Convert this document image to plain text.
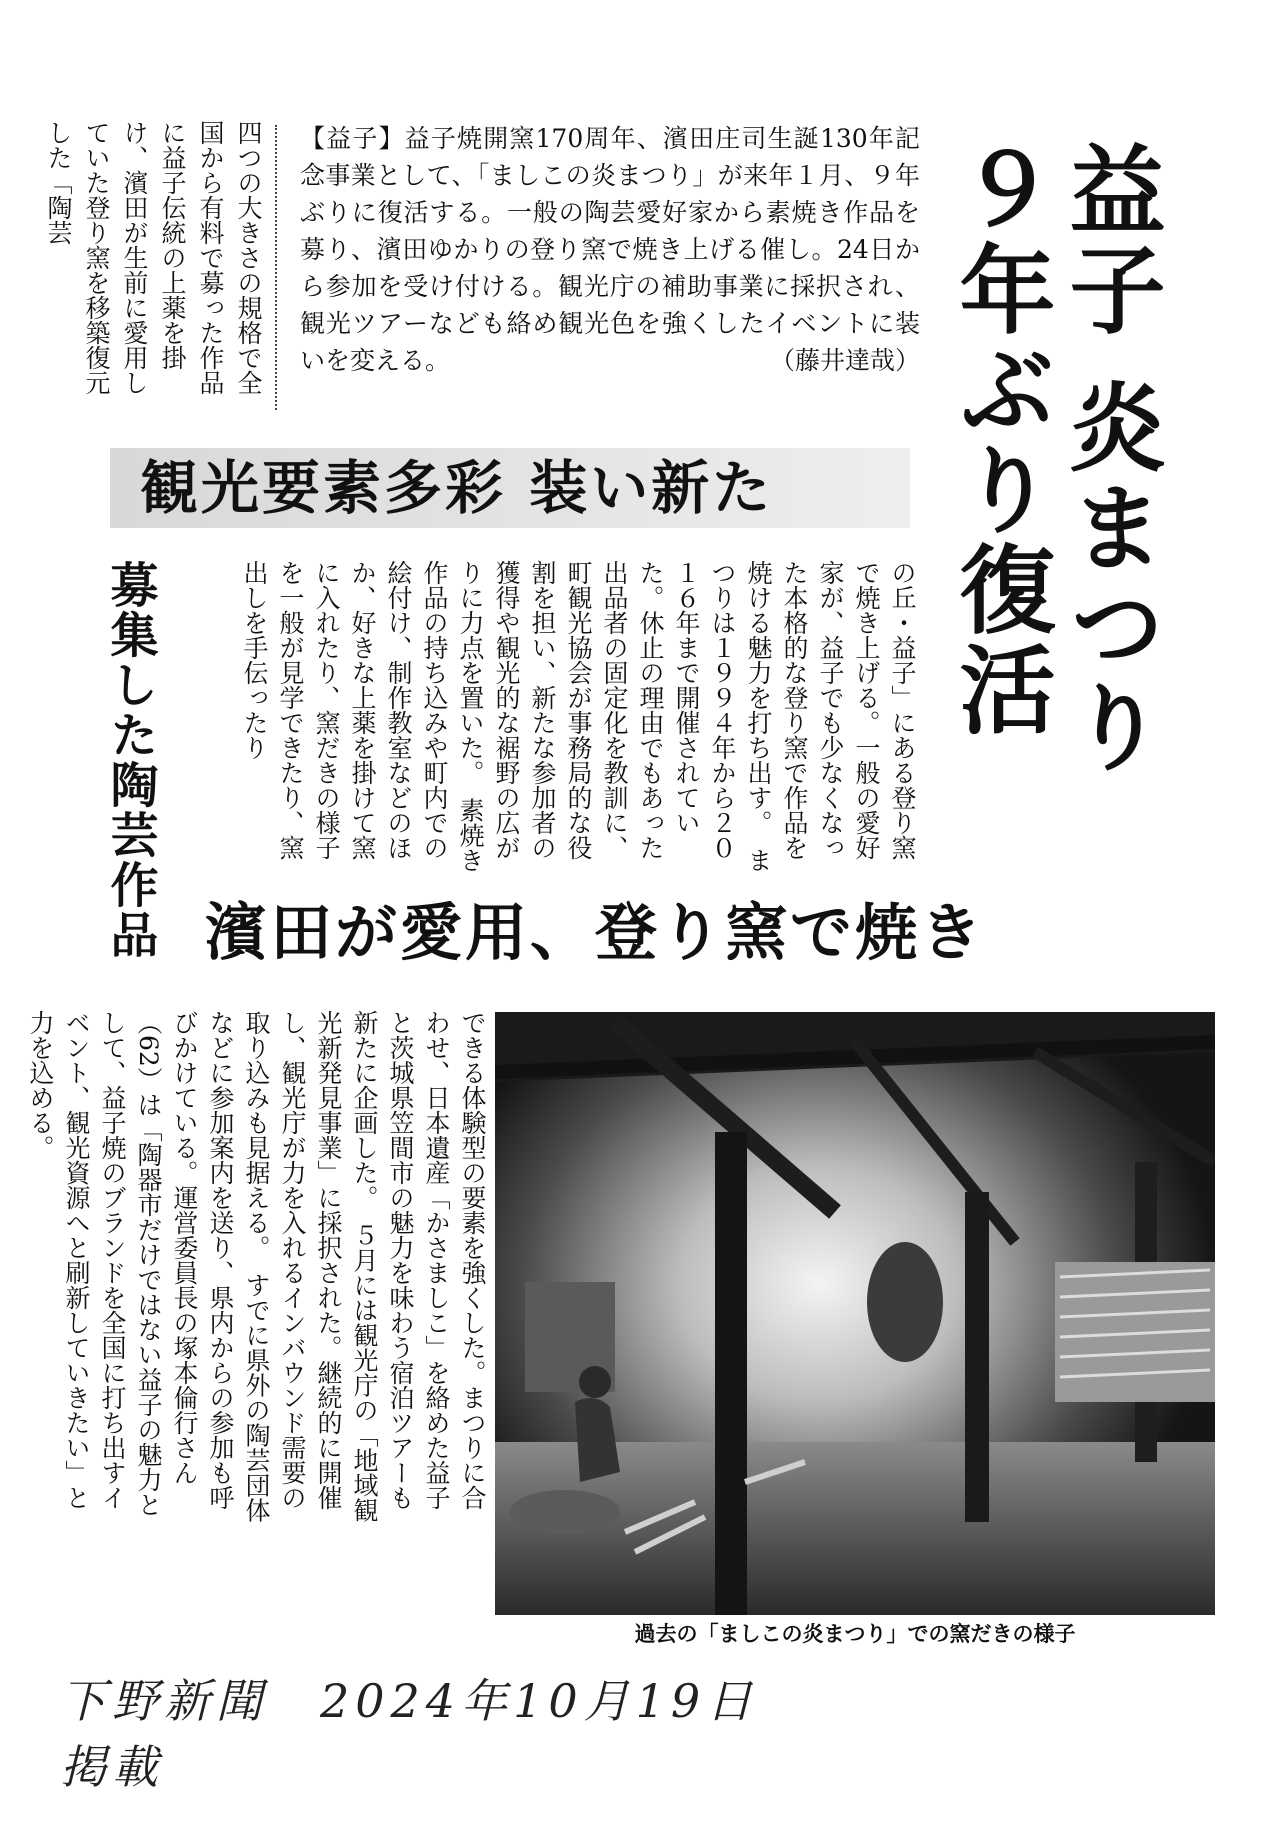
益子 炎まつり
９年ぶり復活
【益子】益子焼開窯170周年、濱田庄司生誕130年記念事業として、「ましこの炎まつり」が来年１月、９年ぶりに復活する。一般の陶芸愛好家から素焼き作品を募り、濱田ゆかりの登り窯で焼き上げる催し。24日から参加を受け付ける。観光庁の補助事業に採択され、観光ツアーなども絡め観光色を強くしたイベントに装いを変える。	（藤井達哉）
四つの大きさの規格で全国から有料で募った作品に益子伝統の上薬を掛け、濱田が生前に愛用していた登り窯を移築復元した「陶芸
観光要素多彩 装い新た
募集した陶芸作品	の丘・益子」にある登り窯で焼き上げる。一般の愛好家が、益子でも少なくなった本格的な登り窯で作品を焼ける魅力を打ち出す。　まつりは１９９４年から２０１６年まで開催されていた。休止の理由でもあった出品者の固定化を教訓に、町観光協会が事務局的な役割を担い、新たな参加者の獲得や観光的な裾野の広がりに力点を置いた。　素焼き作品の持ち込みや町内での絵付け、制作教室などのほか、好きな上薬を掛けて窯に入れたり、窯だきの様子を一般が見学できたり、窯出しを手伝ったり
濱田が愛用、登り窯で焼き
できる体験型の要素を強くした。まつりに合わせ、日本遺産「かさましこ」を絡めた益子と茨城県笠間市の魅力を味わう宿泊ツアーも新たに企画した。　５月には観光庁の「地域観光新発見事業」に採択された。継続的に開催し、観光庁が力を入れるインバウンド需要の取り込みも見据える。　すでに県外の陶芸団体などに参加案内を送り、県内からの参加も呼びかけている。運営委員長の塚本倫行さん（62）は「陶器市だけではない益子の魅力として、益子焼のブランドを全国に打ち出すイベント、観光資源へと刷新していきたい」と力を込める。
過去の「ましこの炎まつり」での窯だきの様子
下野新聞　2024年10月19日 掲載
